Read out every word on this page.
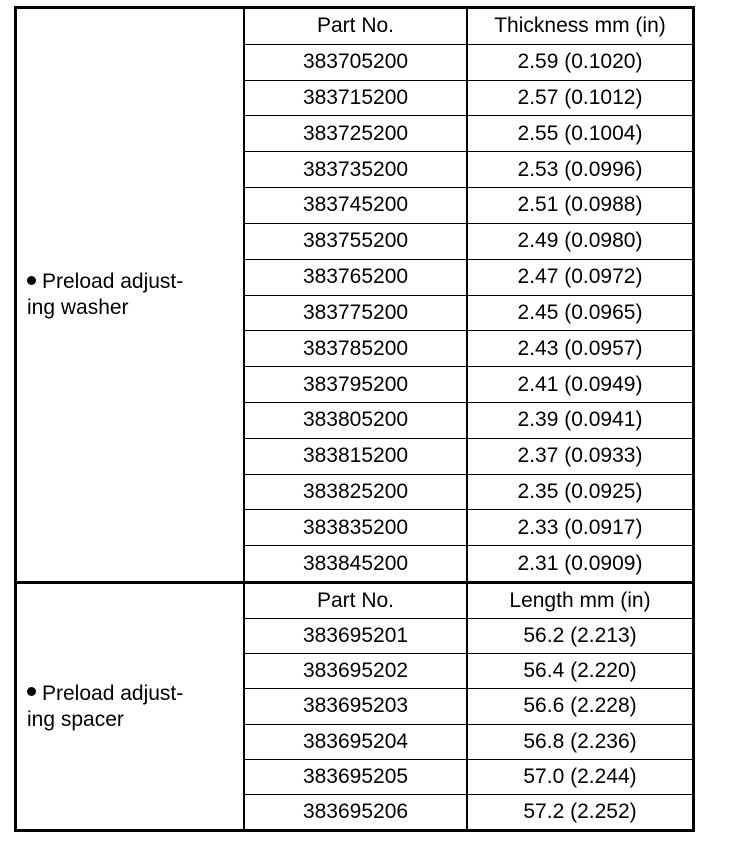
Preload adjust-
ing washer
Part No.	Thickness mm (in)
383705200	2.59 (0.1020)
383715200	2.57 (0.1012)
383725200	2.55 (0.1004)
383735200	2.53 (0.0996)
383745200	2.51 (0.0988)
383755200	2.49 (0.0980)
383765200	2.47 (0.0972)
383775200	2.45 (0.0965)
383785200	2.43 (0.0957)
383795200	2.41 (0.0949)
383805200	2.39 (0.0941)
383815200	2.37 (0.0933)
383825200	2.35 (0.0925)
383835200	2.33 (0.0917)
383845200	2.31 (0.0909)
Preload adjust-
ing spacer
Part No.	Length mm (in)
383695201	56.2 (2.213)
383695202	56.4 (2.220)
383695203	56.6 (2.228)
383695204	56.8 (2.236)
383695205	57.0 (2.244)
383695206	57.2 (2.252)
